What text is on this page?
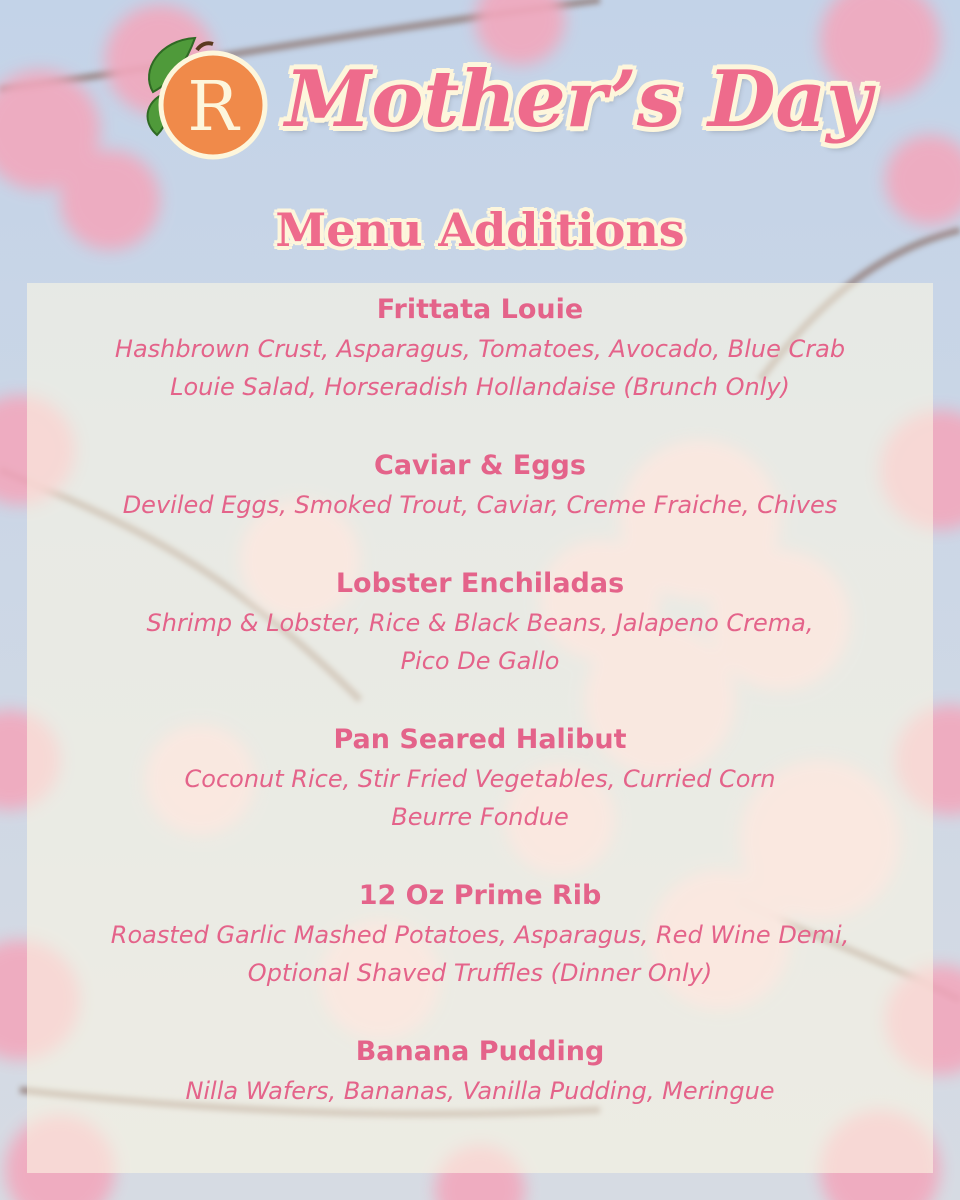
R Mother’s Day
Menu Additions
Frittata Louie
Hashbrown Crust, Asparagus, Tomatoes, Avocado, Blue Crab
Louie Salad, Horseradish Hollandaise (Brunch Only)
Caviar & Eggs
Deviled Eggs, Smoked Trout, Caviar, Creme Fraiche, Chives
Lobster Enchiladas
Shrimp & Lobster, Rice & Black Beans, Jalapeno Crema,
Pico De Gallo
Pan Seared Halibut
Coconut Rice, Stir Fried Vegetables, Curried Corn
Beurre Fondue
12 Oz Prime Rib
Roasted Garlic Mashed Potatoes, Asparagus, Red Wine Demi,
Optional Shaved Truffles (Dinner Only)
Banana Pudding
Nilla Wafers, Bananas, Vanilla Pudding, Meringue
